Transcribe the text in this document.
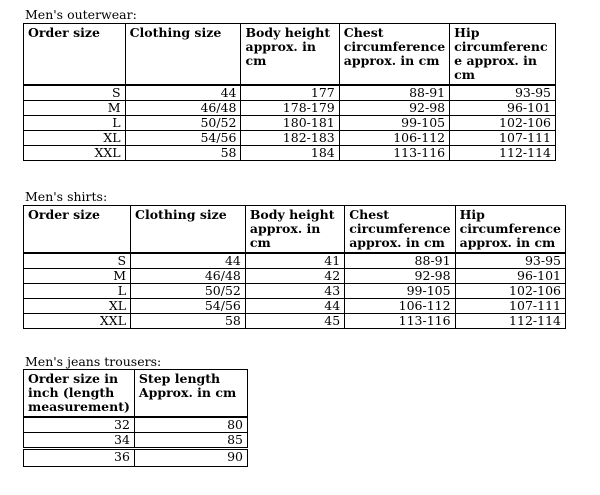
Men's outerwear:
Order size	Clothing size	Body height approx. in cm	Chest circumference approx. in cm	Hip circumferenc e approx. in cm
S	44	177	88-91	93-95
M	46/48	178-179	92-98	96-101
L	50/52	180-181	99-105	102-106
XL	54/56	182-183	106-112	107-111
XXL	58	184	113-116	112-114
Men's shirts:
Order size	Clothing size	Body height approx. in cm	Chest circumference approx. in cm	Hip circumference approx. in cm
S	44	41	88-91	93-95
M	46/48	42	92-98	96-101
L	50/52	43	99-105	102-106
XL	54/56	44	106-112	107-111
XXL	58	45	113-116	112-114
Men's jeans trousers:
Order size in inch (length measurement)	Step length Approx. in cm
32	80
34	85
36	90
